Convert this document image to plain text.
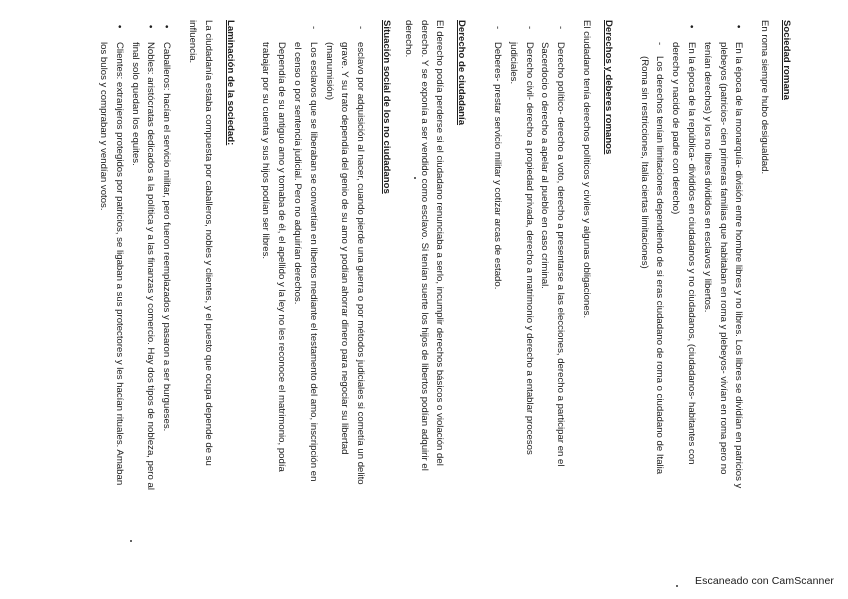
Sociedad romana

En roma siempre hubo desigualdad.

• En la época de la monarquía- división entre hombre libres y no libres. Los libres se dividían en patricios y plebeyos (patricios- cien primeras familias que habitaban en roma y plebeyos- vivían en roma pero no tenían derechos) y los no libres divididos en esclavos y libertos.
• En la época de la república- divididos en ciudadanos y no ciudadanos, (ciudadanos- habitantes con derecho y nacido de padre con derecho)
- Los derechos tenían limitaciones dependiendo de si eras ciudadano de roma o ciudadano de Italia (Roma sin restricciones, Italia ciertas limitaciones)

Derechos y deberes romanos

El ciudadano tenía derechos políticos y civiles y algunas obligaciones.

- Derecho político- derecho a voto, derecho a presentarse a las elecciones, derecho a participar en el Sacerdocio o derecho a apelar al pueblo en caso criminal.
- Derecho civil- derecho a propiedad privada, derecho a matrimonio y derecho a entablar procesos judiciales.
- Deberes- prestar servicio militar y cotizar arcas de estado.

Derecho de ciudadanía

El derecho podía perderse si el ciudadano renunciaba a serlo, incumplir derechos básicos o violación del derecho. Y se exponía a ser vendido como esclavo. Si tenían suerte los hijos de libertos podían adquirir el derecho.

Situación social de los no ciudadanos

- esclavo por adquisición al nacer, cuando pierde una guerra o por métodos judiciales si cometía un delito grave. Y su trato dependía del genio de su amo y podían ahorrar dinero para negociar su libertad (manumisión)
- Los esclavos que se liberaban se convertían en libertos mediante el testamento del amo, inscripción en el censo o por sentencia judicial. Pero no adquirían derechos.

Dependía de su antiguo amo y tomaba de él, el apellido y la ley no les reconoce el matrimonio, podía trabajar por su cuenta y sus hijos podían ser libres.

Laminación de la sociedad:

La ciudadanía estaba compuesta por caballeros, nobles y clientes, y el puesto que ocupa depende de su influencia.

• Caballeros: hacían el servicio militar, pero fueron reemplazados y pasaron a ser burgueses.
• Nobles: aristócratas dedicados a la política y a las finanzas y comercio. Hay dos tipos de nobleza, pero al final solo quedan los equites.
• Clientes: extranjeros protegidos por patricios, se ligaban a sus protectores y les hacían rituales. Amaban los bulos y compraban y vendían votos.
Escaneado con CamScanner
